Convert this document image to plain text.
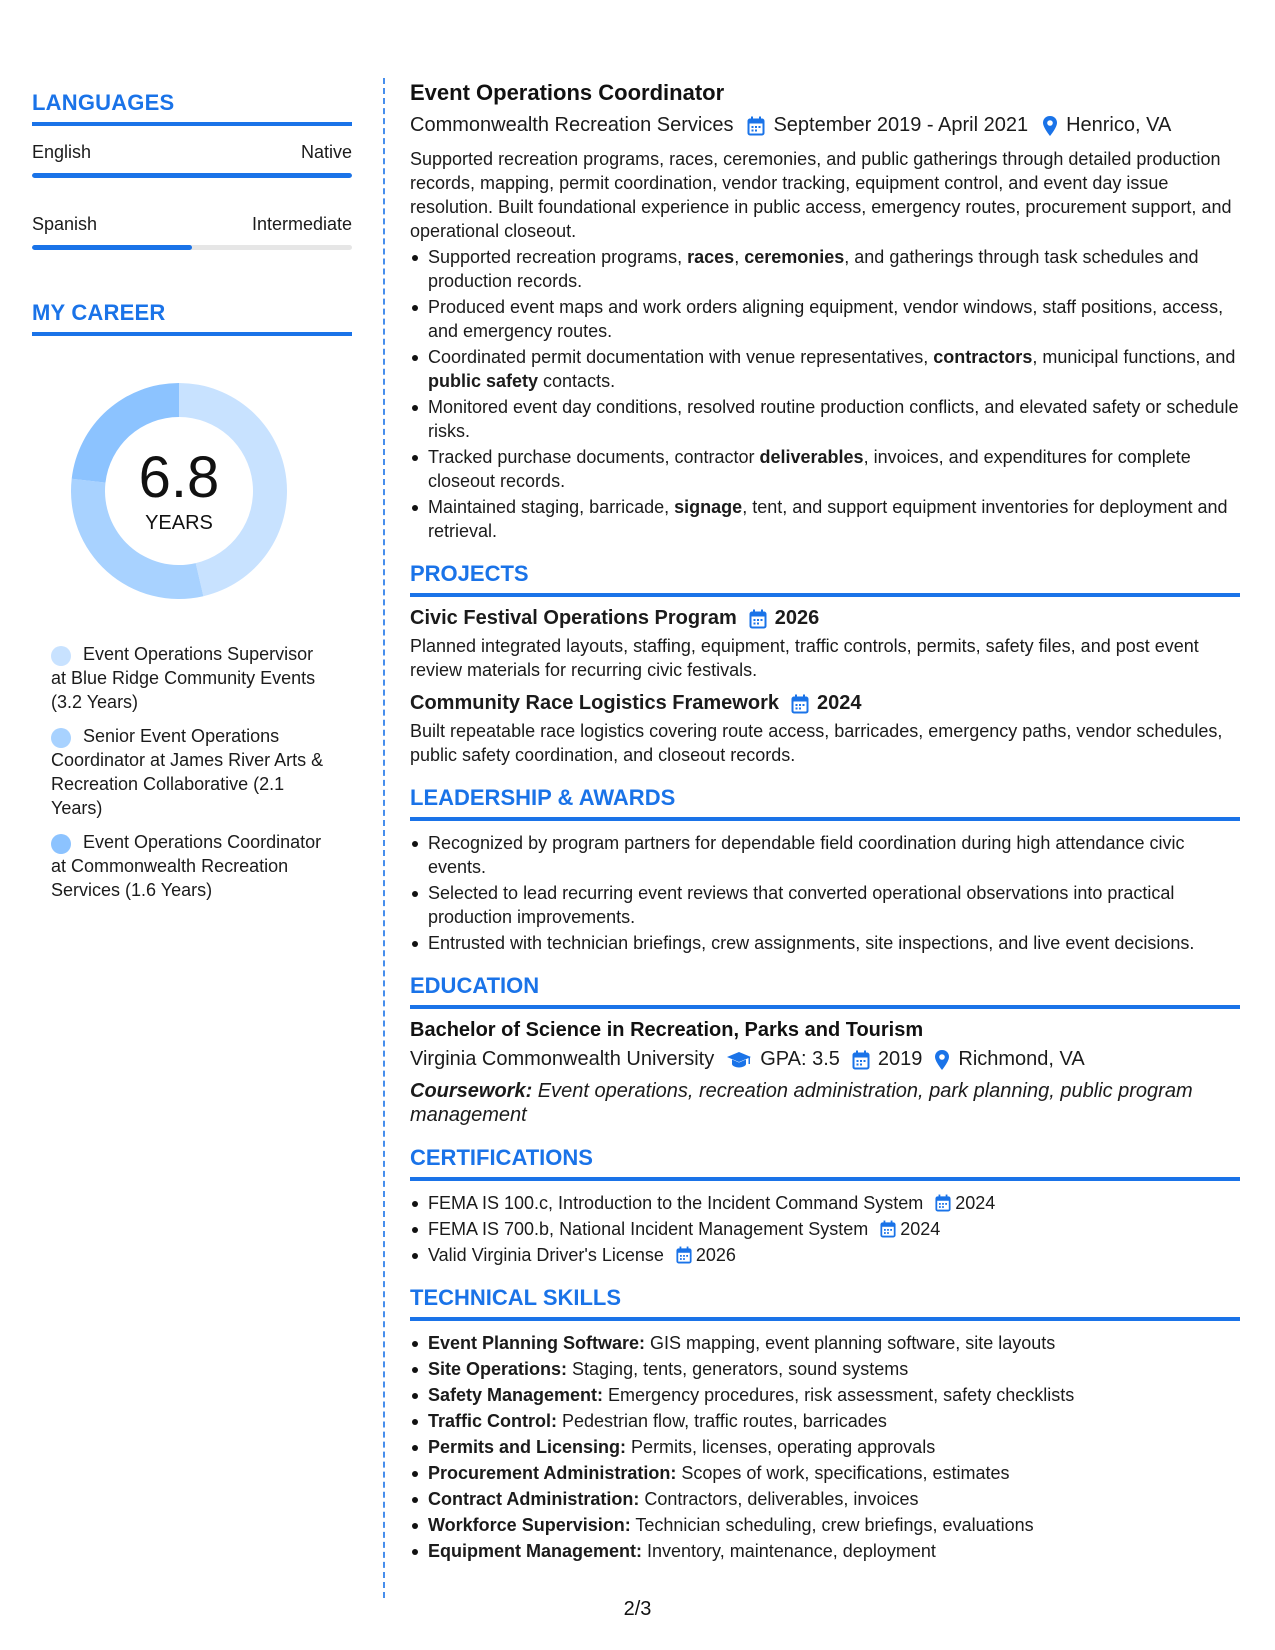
LANGUAGES
English	Native
Spanish	Intermediate
MY CAREER
6.8
YEARS
Event Operations Supervisor at Blue Ridge Community Events (3.2 Years)
Senior Event Operations Coordinator at James River Arts & Recreation Collaborative (2.1 Years)
Event Operations Coordinator at Commonwealth Recreation Services (1.6 Years)
Event Operations Coordinator
Commonwealth Recreation Services September 2019 - April 2021 Henrico, VA
Supported recreation programs, races, ceremonies, and public gatherings through detailed production records, mapping, permit coordination, vendor tracking, equipment control, and event day issue resolution. Built foundational experience in public access, emergency routes, procurement support, and operational closeout.
Supported recreation programs, races, ceremonies, and gatherings through task schedules and production records.
Produced event maps and work orders aligning equipment, vendor windows, staff positions, access, and emergency routes.
Coordinated permit documentation with venue representatives, contractors, municipal functions, and public safety contacts.
Monitored event day conditions, resolved routine production conflicts, and elevated safety or schedule risks.
Tracked purchase documents, contractor deliverables, invoices, and expenditures for complete closeout records.
Maintained staging, barricade, signage, tent, and support equipment inventories for deployment and retrieval.
PROJECTS
Civic Festival Operations Program 2026
Planned integrated layouts, staffing, equipment, traffic controls, permits, safety files, and post event review materials for recurring civic festivals.
Community Race Logistics Framework 2024
Built repeatable race logistics covering route access, barricades, emergency paths, vendor schedules, public safety coordination, and closeout records.
LEADERSHIP & AWARDS
Recognized by program partners for dependable field coordination during high attendance civic events.
Selected to lead recurring event reviews that converted operational observations into practical production improvements.
Entrusted with technician briefings, crew assignments, site inspections, and live event decisions.
EDUCATION
Bachelor of Science in Recreation, Parks and Tourism
Virginia Commonwealth University GPA: 3.5 2019 Richmond, VA
Coursework: Event operations, recreation administration, park planning, public program management
CERTIFICATIONS
FEMA IS 100.c, Introduction to the Incident Command System 2024
FEMA IS 700.b, National Incident Management System 2024
Valid Virginia Driver's License 2026
TECHNICAL SKILLS
Event Planning Software: GIS mapping, event planning software, site layouts
Site Operations: Staging, tents, generators, sound systems
Safety Management: Emergency procedures, risk assessment, safety checklists
Traffic Control: Pedestrian flow, traffic routes, barricades
Permits and Licensing: Permits, licenses, operating approvals
Procurement Administration: Scopes of work, specifications, estimates
Contract Administration: Contractors, deliverables, invoices
Workforce Supervision: Technician scheduling, crew briefings, evaluations
Equipment Management: Inventory, maintenance, deployment
2/3
